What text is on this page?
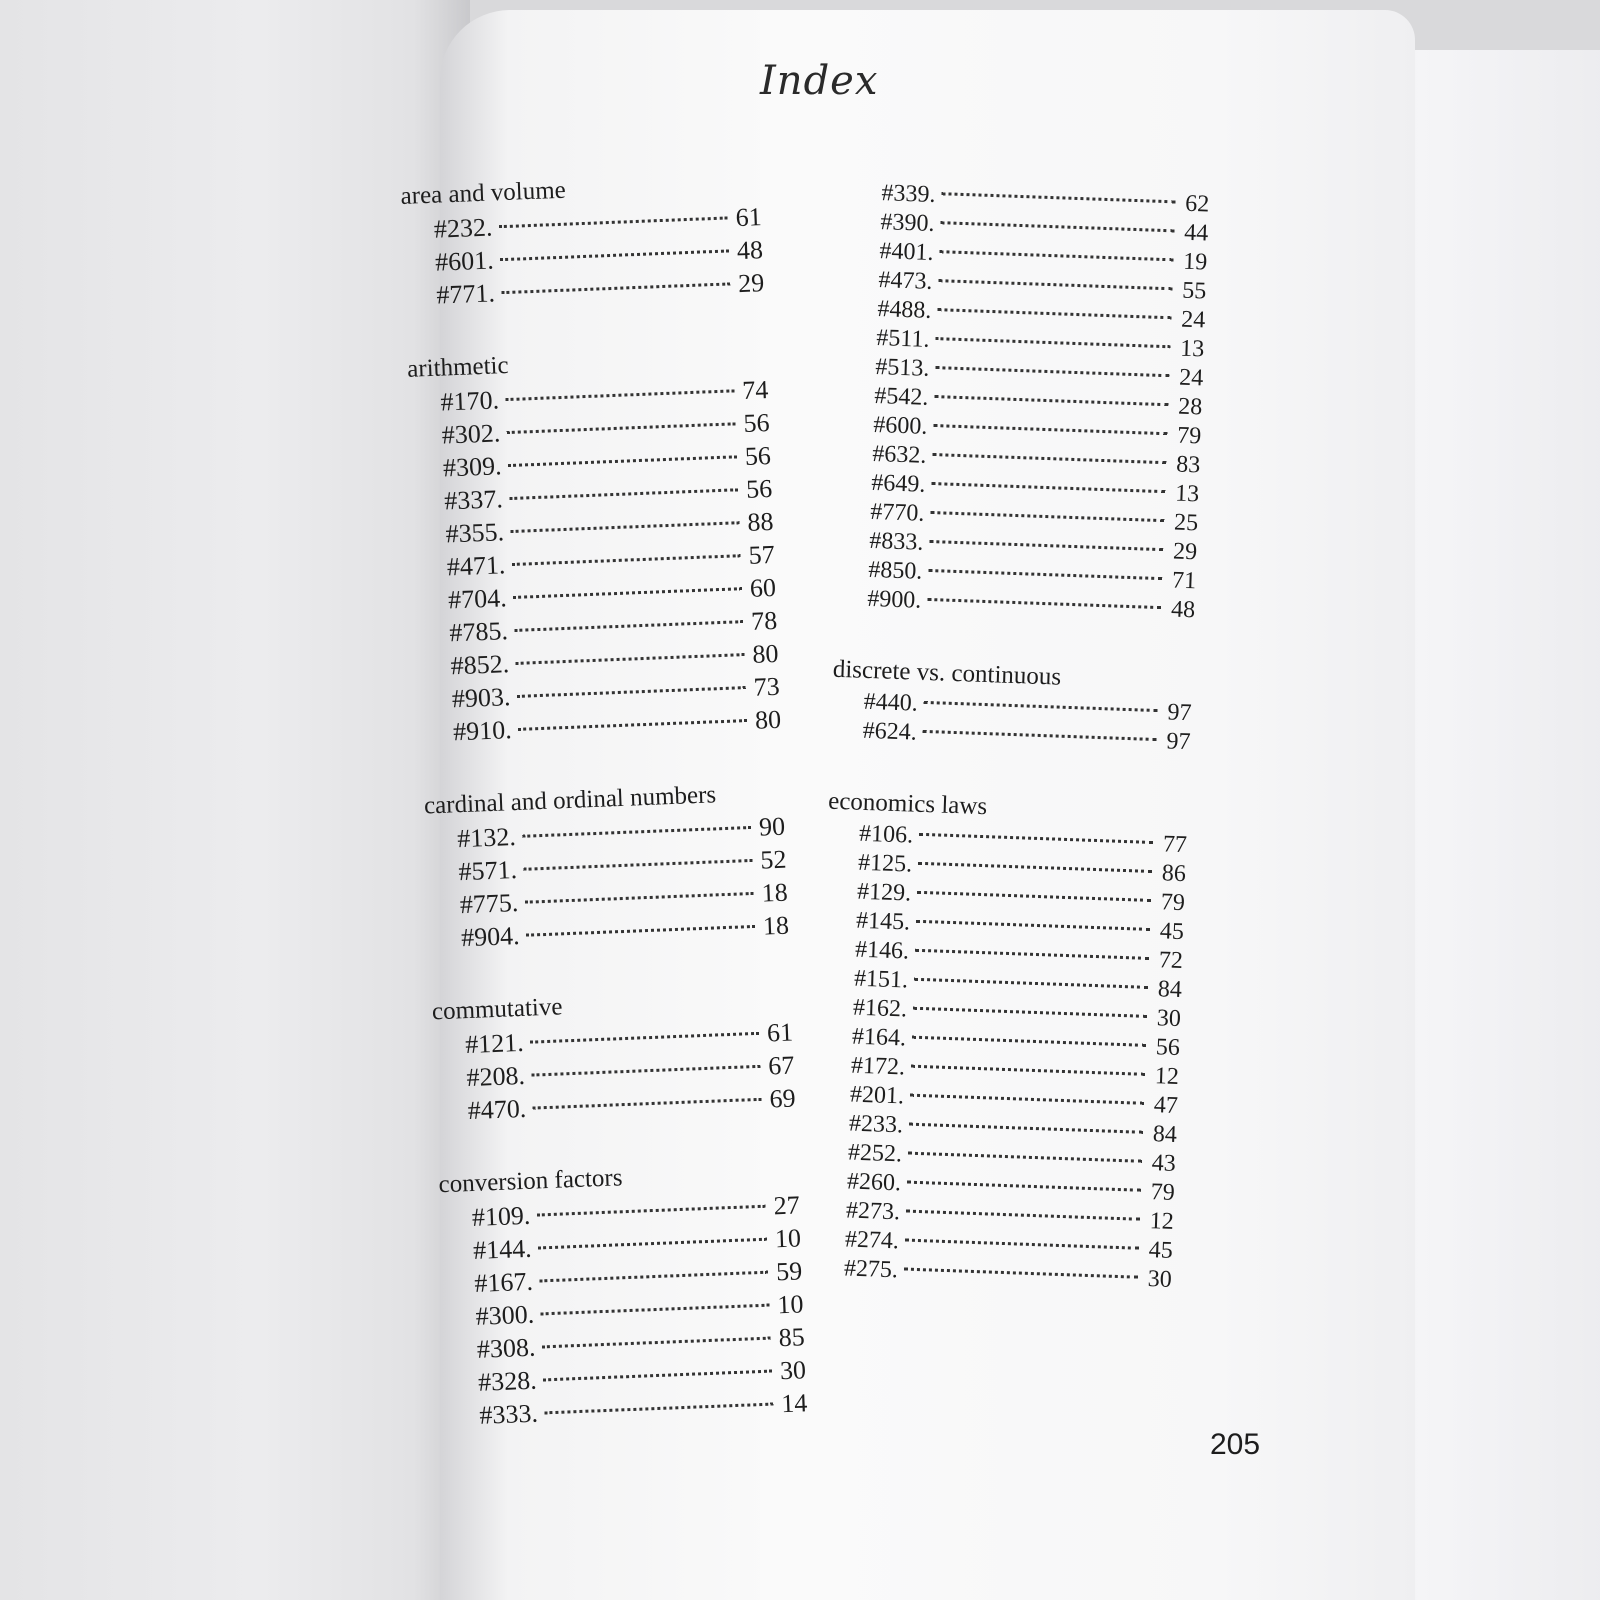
Index
area and volume
#232.	61
#601.	48
#771.	29
arithmetic
#170.	74
#302.	56
#309.	56
#337.	56
#355.	88
#471.	57
#704.	60
#785.	78
#852.	80
#903.	73
#910.	80
cardinal and ordinal numbers
#132.	90
#571.	52
#775.	18
#904.	18
commutative
#121.	61
#208.	67
#470.	69
conversion factors
#109.	27
#144.	10
#167.	59
#300.	10
#308.	85
#328.	30
#333.	14
#339.	62
#390.	44
#401.	19
#473.	55
#488.	24
#511.	13
#513.	24
#542.	28
#600.	79
#632.	83
#649.	13
#770.	25
#833.	29
#850.	71
#900.	48
discrete vs. continuous
#440.	97
#624.	97
economics laws
#106.	77
#125.	86
#129.	79
#145.	45
#146.	72
#151.	84
#162.	30
#164.	56
#172.	12
#201.	47
#233.	84
#252.	43
#260.	79
#273.	12
#274.	45
#275.	30
205
